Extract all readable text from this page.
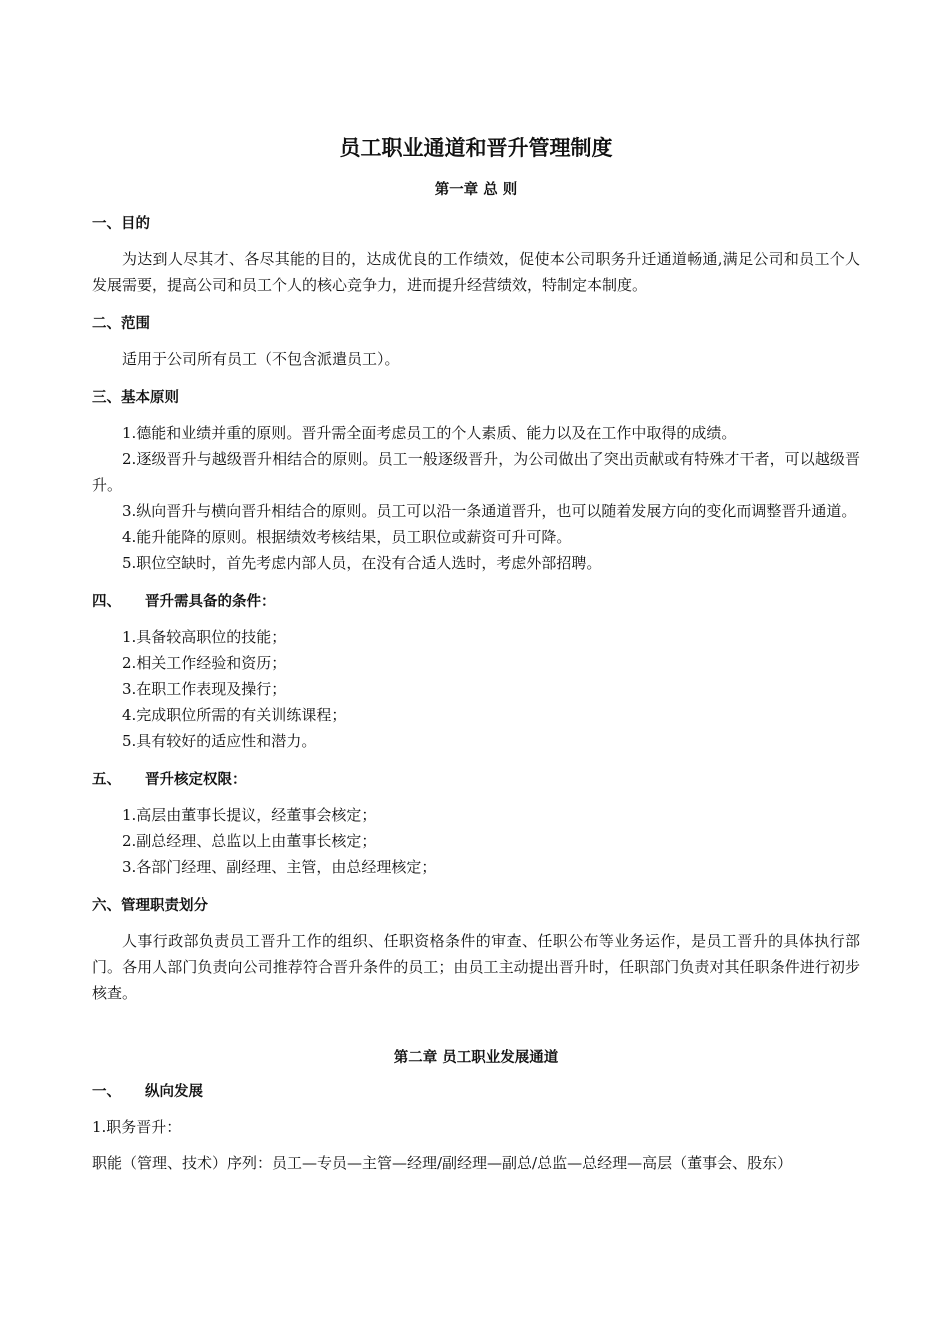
员工职业通道和晋升管理制度
第一章 总 则
一、目的

为达到人尽其才、各尽其能的目的，达成优良的工作绩效，促使本公司职务升迁通道畅通,满足公司和员工个人发展需要，提高公司和员工个人的核心竞争力，进而提升经营绩效，特制定本制度。

二、范围

适用于公司所有员工（不包含派遣员工）。

三、基本原则

1.德能和业绩并重的原则。晋升需全面考虑员工的个人素质、能力以及在工作中取得的成绩。

2.逐级晋升与越级晋升相结合的原则。员工一般逐级晋升，为公司做出了突出贡献或有特殊才干者，可以越级晋升。

3.纵向晋升与横向晋升相结合的原则。员工可以沿一条通道晋升，也可以随着发展方向的变化而调整晋升通道。

4.能升能降的原则。根据绩效考核结果，员工职位或薪资可升可降。

5.职位空缺时，首先考虑内部人员，在没有合适人选时，考虑外部招聘。

四、 晋升需具备的条件：

1.具备较高职位的技能；

2.相关工作经验和资历；

3.在职工作表现及操行；

4.完成职位所需的有关训练课程；

5.具有较好的适应性和潜力。

五、 晋升核定权限：

1.高层由董事长提议，经董事会核定；

2.副总经理、总监以上由董事长核定；

3.各部门经理、副经理、主管，由总经理核定；

六、管理职责划分

人事行政部负责员工晋升工作的组织、任职资格条件的审查、任职公布等业务运作，是员工晋升的具体执行部门。各用人部门负责向公司推荐符合晋升条件的员工；由员工主动提出晋升时，任职部门负责对其任职条件进行初步核查。

第二章 员工职业发展通道
一、 纵向发展

1.职务晋升：

职能（管理、技术）序列：员工—专员—主管—经理/副经理—副总/总监—总经理—高层（董事会、股东）
